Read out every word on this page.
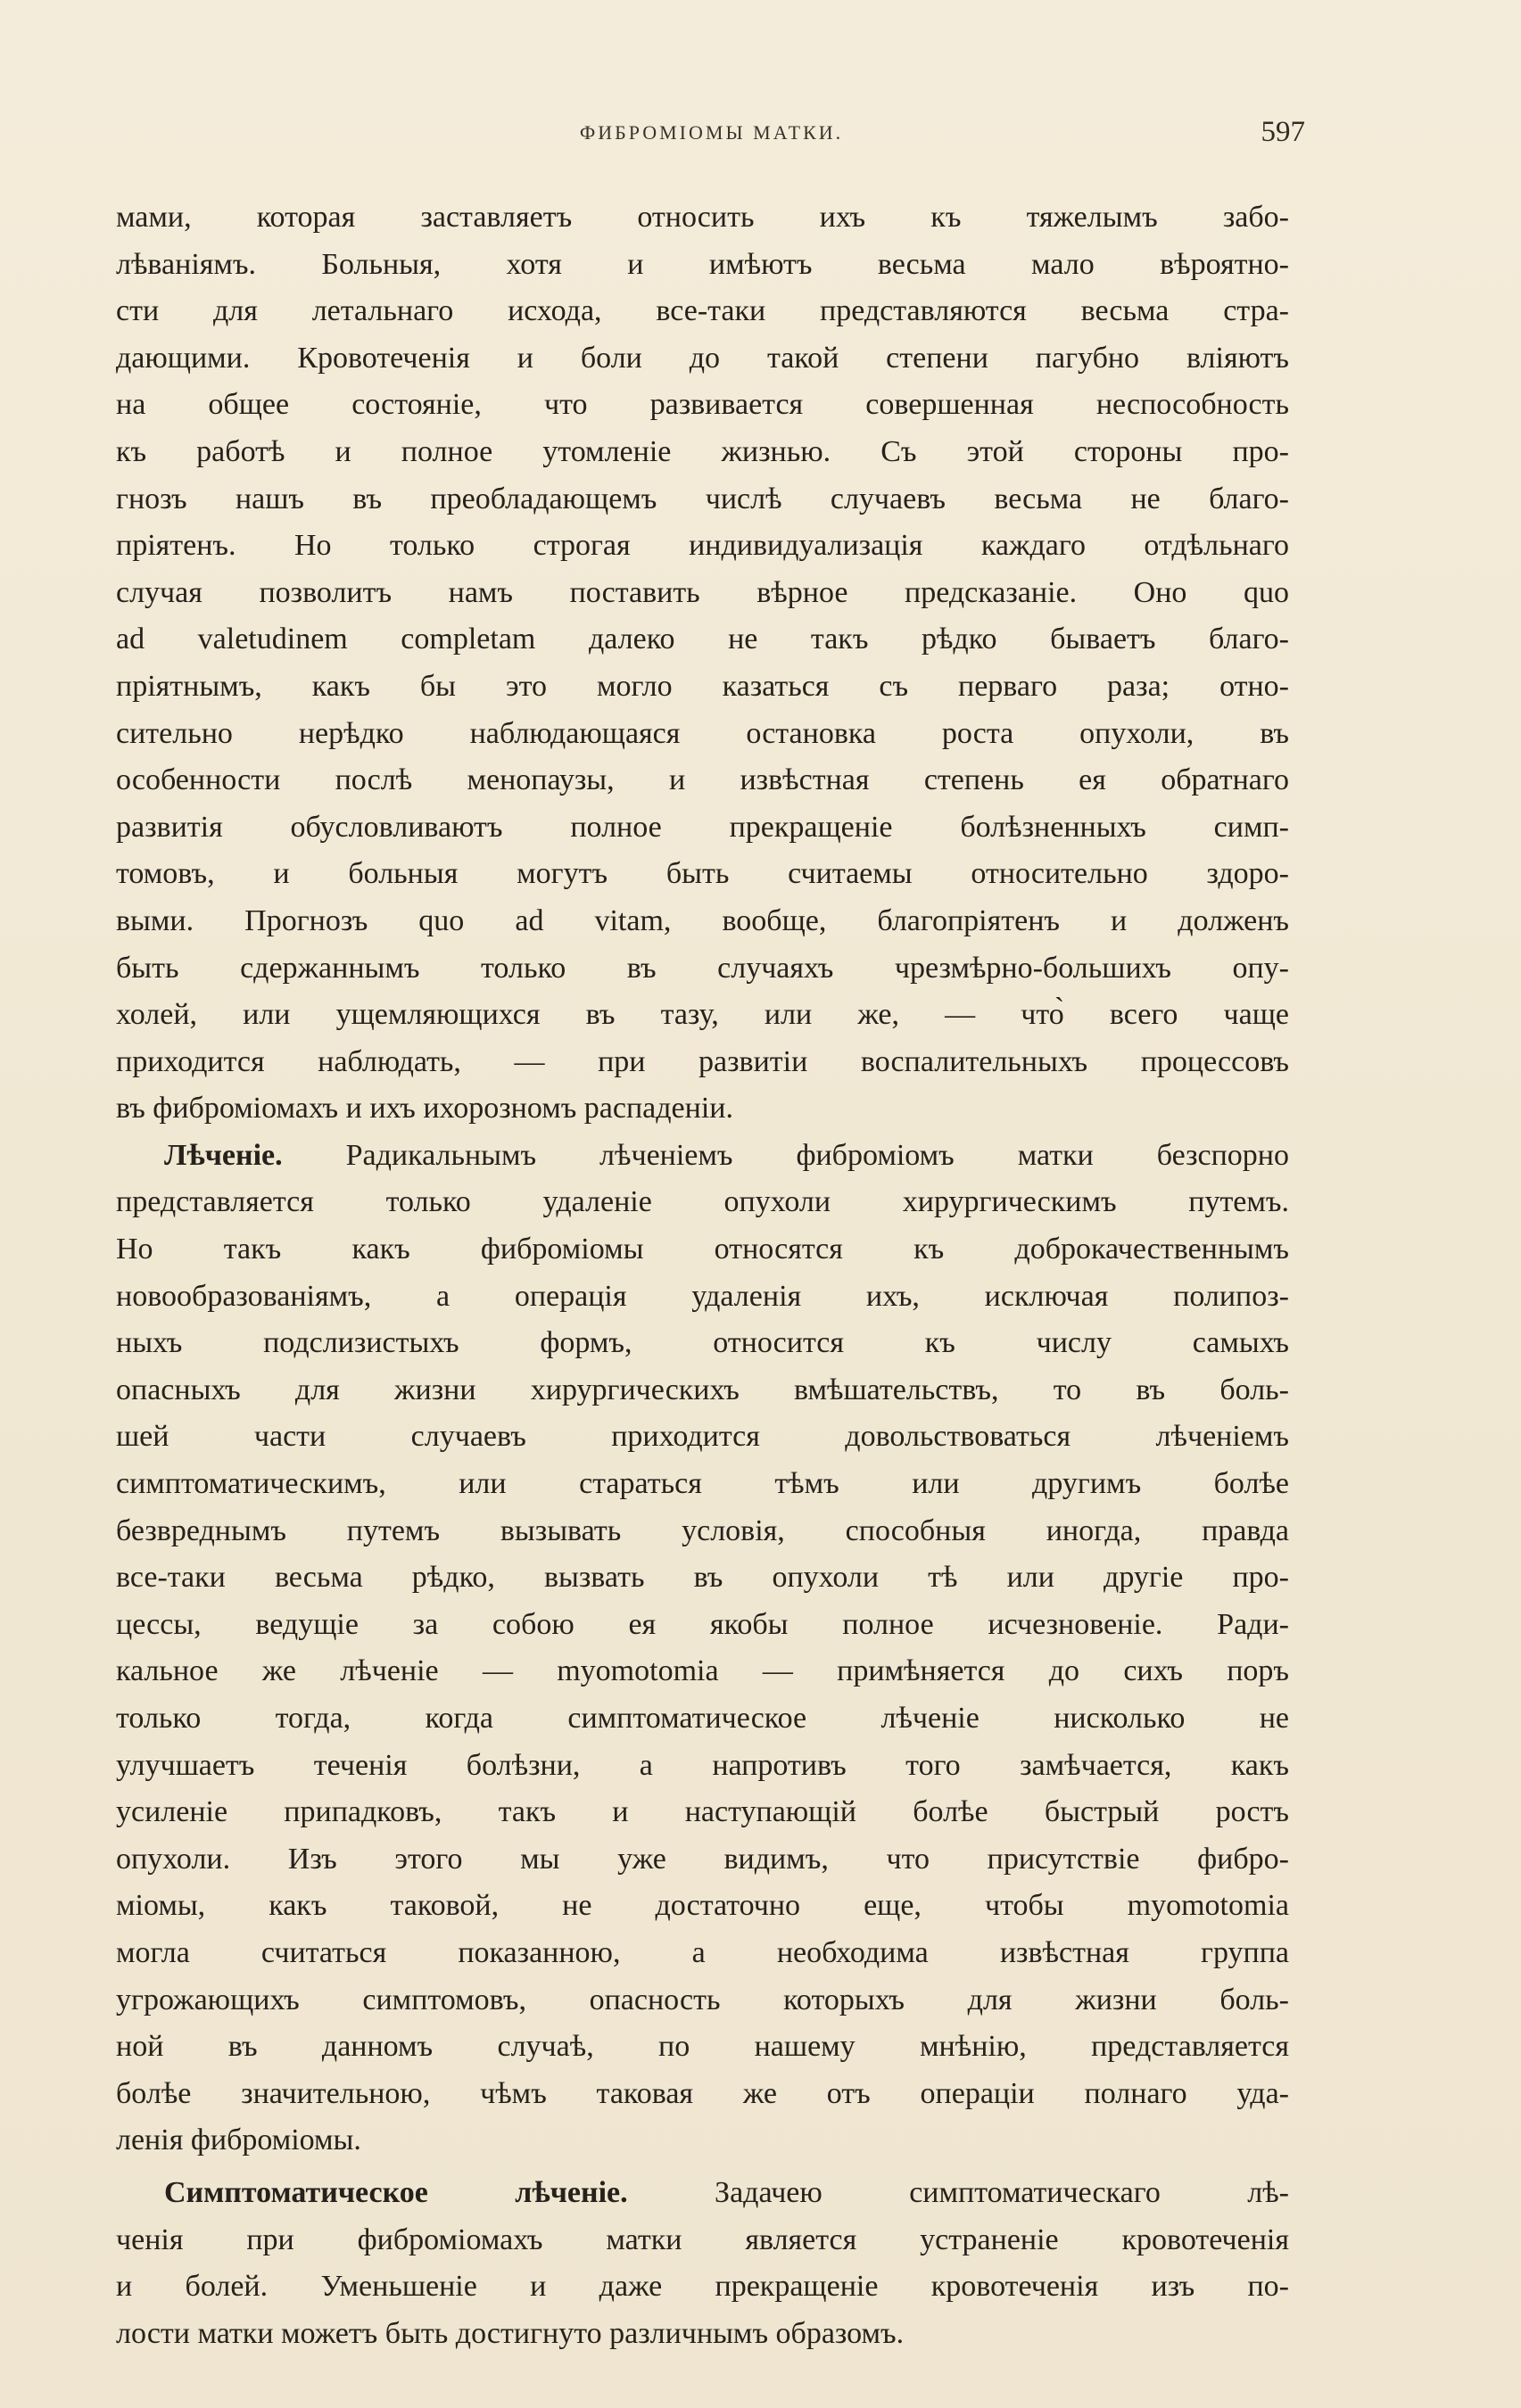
ФИБРОМІОМЫ МАТКИ.	597
мами, которая заставляетъ относить ихъ къ тяжелымъ забо-
лѣваніямъ. Больныя, хотя и имѣютъ весьма мало вѣроятно-
сти для летальнаго исхода, все-таки представляются весьма стра-
дающими. Кровотеченія и боли до такой степени пагубно вліяютъ
на общее состояніе, что развивается совершенная неспособность
къ работѣ и полное утомленіе жизнью. Съ этой стороны про-
гнозъ нашъ въ преобладающемъ числѣ случаевъ весьма не благо-
пріятенъ. Но только строгая индивидуализація каждаго отдѣльнаго
случая позволитъ намъ поставить вѣрное предсказаніе. Оно quo
ad valetudinem completam далеко не такъ рѣдко бываетъ благо-
пріятнымъ, какъ бы это могло казаться съ перваго раза; отно-
сительно нерѣдко наблюдающаяся остановка роста опухоли, въ
особенности послѣ менопаузы, и извѣстная степень ея обратнаго
развитія обусловливаютъ полное прекращеніе болѣзненныхъ симп-
томовъ, и больныя могутъ быть считаемы относительно здоро-
выми. Прогнозъ quo ad vitam, вообще, благопріятенъ и долженъ
быть сдержаннымъ только въ случаяхъ чрезмѣрно-большихъ опу-
холей, или ущемляющихся въ тазу, или же, — что̀ всего чаще
приходится наблюдать, — при развитіи воспалительныхъ процессовъ
въ фибромiомахъ и ихъ ихорозномъ распаденіи.
Лѣченіе. Радикальнымъ лѣченіемъ фиброміомъ матки безспорно
представляется только удаленіе опухоли хирургическимъ путемъ.
Но такъ какъ фиброміомы относятся къ доброкачественнымъ
новообразованіямъ, а операція удаленія ихъ, исключая полипоз-
ныхъ подслизистыхъ формъ, относится къ числу самыхъ
опасныхъ для жизни хирургическихъ вмѣшательствъ, то въ боль-
шей части случаевъ приходится довольствоваться лѣченіемъ
симптоматическимъ, или стараться тѣмъ или другимъ болѣе
безвреднымъ путемъ вызывать условія, способныя иногда, правда
все-таки весьма рѣдко, вызвать въ опухоли тѣ или другіе про-
цессы, ведущіе за собою ея якобы полное исчезновеніе. Ради-
кальное же лѣченіе — myomotomia — примѣняется до сихъ поръ
только тогда, когда симптоматическое лѣченіе нисколько не
улучшаетъ теченія болѣзни, а напротивъ того замѣчается, какъ
усиленіе припадковъ, такъ и наступающій болѣе быстрый ростъ
опухоли. Изъ этого мы уже видимъ, что присутствіе фибро-
міомы, какъ таковой, не достаточно еще, чтобы myomotomia
могла считаться показанною, а необходима извѣстная группа
угрожающихъ симптомовъ, опасность которыхъ для жизни боль-
ной въ данномъ случаѣ, по нашему мнѣнію, представляется
болѣе значительною, чѣмъ таковая же отъ операціи полнаго уда-
ленія фиброміомы.
Симптоматическое лѣченіе. Задачею симптоматическаго лѣ-
ченія при фиброміомахъ матки является устраненіе кровотеченія
и болей. Уменьшеніе и даже прекращеніе кровотеченія изъ по-
лости матки можетъ быть достигнуто различнымъ образомъ.
